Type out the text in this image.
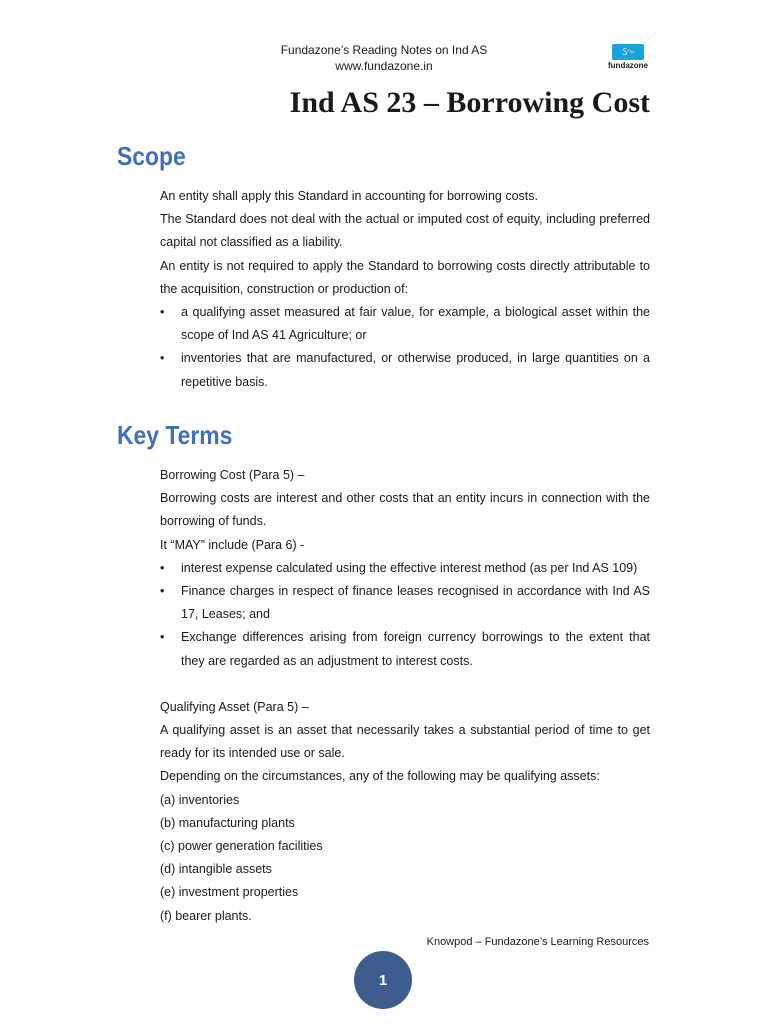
Fundazone’s Reading Notes on Ind AS
www.fundazone.in
ઽ∿
fundazone
Ind AS 23 – Borrowing Cost
Scope

An entity shall apply this Standard in accounting for borrowing costs.

The Standard does not deal with the actual or imputed cost of equity, including preferred capital not classified as a liability.

An entity is not required to apply the Standard to borrowing costs directly attributable to the acquisition, construction or production of:

• a qualifying asset measured at fair value, for example, a biological asset within the scope of Ind AS 41 Agriculture; or
• inventories that are manufactured, or otherwise produced, in large quantities on a repetitive basis.
Key Terms

Borrowing Cost (Para 5) –

Borrowing costs are interest and other costs that an entity incurs in connection with the borrowing of funds.

It “MAY” include (Para 6) -

• interest expense calculated using the effective interest method (as per Ind AS 109)
• Finance charges in respect of finance leases recognised in accordance with Ind AS 17, Leases; and
• Exchange differences arising from foreign currency borrowings to the extent that they are regarded as an adjustment to interest costs.

Qualifying Asset (Para 5) –

A qualifying asset is an asset that necessarily takes a substantial period of time to get ready for its intended use or sale.

Depending on the circumstances, any of the following may be qualifying assets:

(a) inventories

(b) manufacturing plants

(c) power generation facilities

(d) intangible assets

(e) investment properties

(f) bearer plants.

Knowpod – Fundazone’s Learning Resources
1
